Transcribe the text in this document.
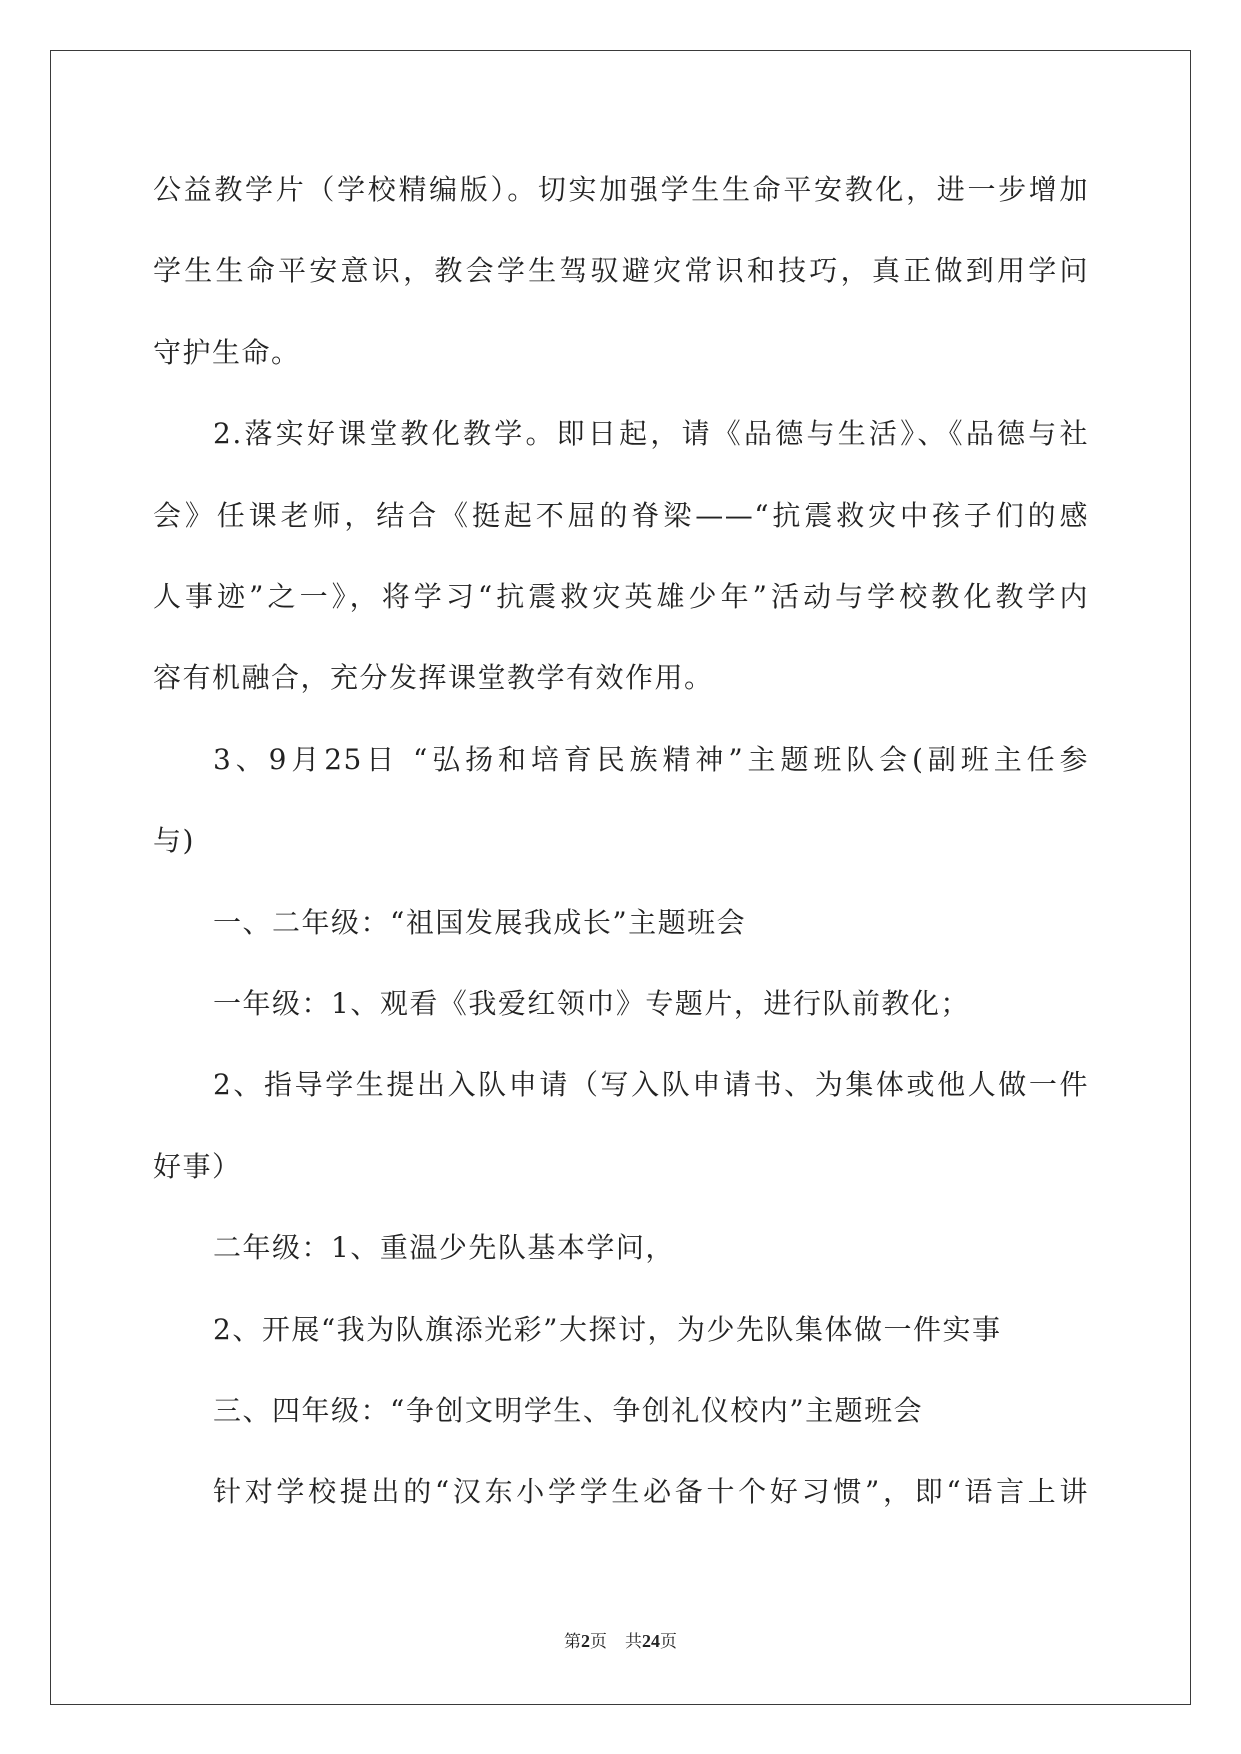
公益教学片（学校精编版）。切实加强学生生命平安教化，进一步增加
学生生命平安意识，教会学生驾驭避灾常识和技巧，真正做到用学问
守护生命。
2.落实好课堂教化教学。即日起，请《品德与生活》、《品德与社
会》任课老师，结合《挺起不屈的脊梁——“抗震救灾中孩子们的感
人事迹”之一》，将学习“抗震救灾英雄少年”活动与学校教化教学内
容有机融合，充分发挥课堂教学有效作用。
3、9月25日 “弘扬和培育民族精神”主题班队会(副班主任参
与)
一、二年级：“祖国发展我成长”主题班会
一年级：1、观看《我爱红领巾》专题片，进行队前教化；
2、指导学生提出入队申请（写入队申请书、为集体或他人做一件
好事）
二年级：1、重温少先队基本学问，
2、开展“我为队旗添光彩”大探讨，为少先队集体做一件实事
三、四年级：“争创文明学生、争创礼仪校内”主题班会
针对学校提出的“汉东小学学生必备十个好习惯”，即“语言上讲
第2页 共24页
